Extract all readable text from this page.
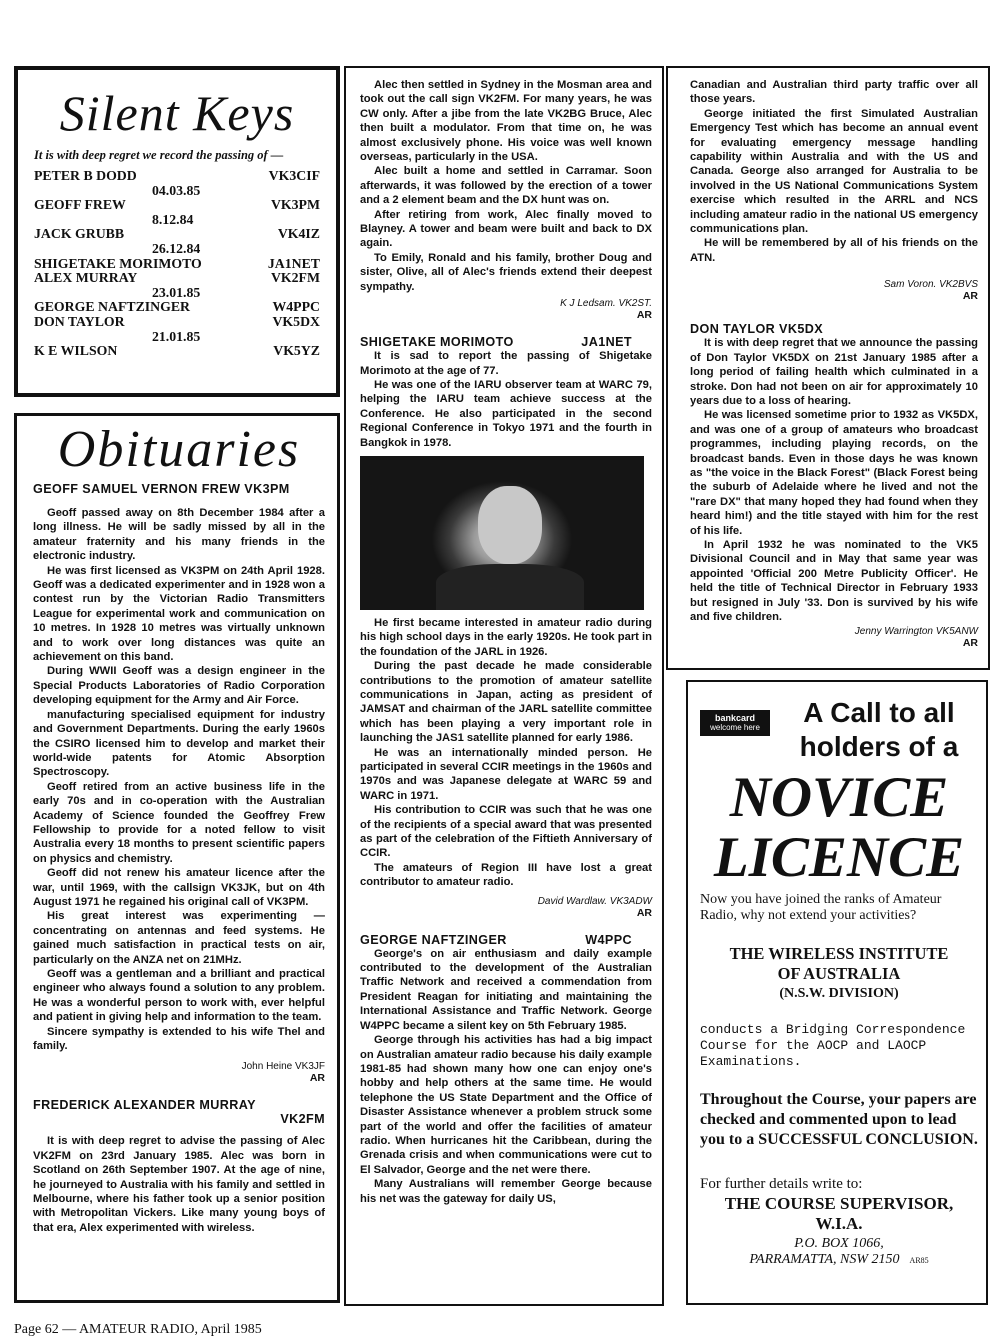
Silent Keys

It is with deep regret we record the passing of —

PETER B DODD	VK3CIF
04.03.85
GEOFF FREW	VK3PM
8.12.84
JACK GRUBB	VK4IZ
26.12.84
SHIGETAKE MORIMOTO	JA1NET
ALEX MURRAY	VK2FM
23.01.85
GEORGE NAFTZINGER	W4PPC
DON TAYLOR	VK5DX
21.01.85
K E WILSON	VK5YZ

Obituaries

GEOFF SAMUEL VERNON FREW VK3PM

Geoff passed away on 8th December 1984 after a long illness. He will be sadly missed by all in the amateur fraternity and his many friends in the electronic industry.

He was first licensed as VK3PM on 24th April 1928. Geoff was a dedicated experimenter and in 1928 won a contest run by the Victorian Radio Transmitters League for experimental work and communication on 10 metres. In 1928 10 metres was virtually unknown and to work over long distances was quite an achievement on this band.

During WWII Geoff was a design engineer in the Special Products Laboratories of Radio Corporation developing equipment for the Army and Air Force.

manufacturing specialised equipment for industry and Government Departments. During the early 1960s the CSIRO licensed him to develop and market their world-wide patents for Atomic Absorption Spectroscopy.

Geoff retired from an active business life in the early 70s and in co-operation with the Australian Academy of Science founded the Geoffrey Frew Fellowship to provide for a noted fellow to visit Australia every 18 months to present scientific papers on physics and chemistry.

Geoff did not renew his amateur licence after the war, until 1969, with the callsign VK3JK, but on 4th August 1971 he regained his original call of VK3PM.

His great interest was experimenting — concentrating on antennas and feed systems. He gained much satisfaction in practical tests on air, particularly on the ANZA net on 21MHz.

Geoff was a gentleman and a brilliant and practical engineer who always found a solution to any problem. He was a wonderful person to work with, ever helpful and patient in giving help and information to the team.

Sincere sympathy is extended to his wife Thel and family.

John Heine VK3JF

AR

FREDERICK ALEXANDER MURRAY

VK2FM

It is with deep regret to advise the passing of Alec VK2FM on 23rd January 1985. Alec was born in Scotland on 26th September 1907. At the age of nine, he journeyed to Australia with his family and settled in Melbourne, where his father took up a senior position with Metropolitan Vickers. Like many young boys of that era, Alex experimented with wireless.

Alec then settled in Sydney in the Mosman area and took out the call sign VK2FM. For many years, he was CW only. After a jibe from the late VK2BG Bruce, Alec then built a modulator. From that time on, he was almost exclusively phone. His voice was well known overseas, particularly in the USA.

Alec built a home and settled in Carramar. Soon afterwards, it was followed by the erection of a tower and a 2 element beam and the DX hunt was on.

After retiring from work, Alec finally moved to Blayney. A tower and beam were built and back to DX again.

To Emily, Ronald and his family, brother Doug and sister, Olive, all of Alec's friends extend their deepest sympathy.

K J Ledsam. VK2ST.

AR

SHIGETAKE MORIMOTO	JA1NET

It is sad to report the passing of Shigetake Morimoto at the age of 77.

He was one of the IARU observer team at WARC 79, helping the IARU team achieve success at the Conference. He also participated in the second Regional Conference in Tokyo 1971 and the fourth in Bangkok in 1978.

He first became interested in amateur radio during his high school days in the early 1920s. He took part in the foundation of the JARL in 1926.

During the past decade he made considerable contributions to the promotion of amateur satellite communications in Japan, acting as president of JAMSAT and chairman of the JARL satellite committee which has been playing a very important role in launching the JAS1 satellite planned for early 1986.

He was an internationally minded person. He participated in several CCIR meetings in the 1960s and 1970s and was Japanese delegate at WARC 59 and WARC in 1971.

His contribution to CCIR was such that he was one of the recipients of a special award that was presented as part of the celebration of the Fiftieth Anniversary of CCIR.

The amateurs of Region III have lost a great contributor to amateur radio.

David Wardlaw. VK3ADW

AR

GEORGE NAFTZINGER	W4PPC

George's on air enthusiasm and daily example contributed to the development of the Australian Traffic Network and received a commendation from President Reagan for initiating and maintaining the International Assistance and Traffic Network. George W4PPC became a silent key on 5th February 1985.

George through his activities has had a big impact on Australian amateur radio because his daily example 1981-85 had shown many how one can enjoy one's hobby and help others at the same time. He would telephone the US State Department and the Office of Disaster Assistance whenever a problem struck some part of the world and offer the facilities of amateur radio. When hurricanes hit the Caribbean, during the Grenada crisis and when communications were cut to El Salvador, George and the net were there.

Many Australians will remember George because his net was the gateway for daily US,

Canadian and Australian third party traffic over all those years.

George initiated the first Simulated Australian Emergency Test which has become an annual event for evaluating emergency message handling capability within Australia and with the US and Canada. George also arranged for Australia to be involved in the US National Communications System exercise which resulted in the ARRL and NCS including amateur radio in the national US emergency communications plan.

He will be remembered by all of his friends on the ATN.

Sam Voron. VK2BVS

AR

DON TAYLOR VK5DX

It is with deep regret that we announce the passing of Don Taylor VK5DX on 21st January 1985 after a long period of failing health which culminated in a stroke. Don had not been on air for approximately 10 years due to a loss of hearing.

He was licensed sometime prior to 1932 as VK5DX, and was one of a group of amateurs who broadcast programmes, including playing records, on the broadcast bands. Even in those days he was known as "the voice in the Black Forest" (Black Forest being the suburb of Adelaide where he lived and not the "rare DX" that many hoped they had found when they heard him!) and the title stayed with him for the rest of his life.

In April 1932 he was nominated to the VK5 Divisional Council and in May that same year was appointed 'Official 200 Metre Publicity Officer'. He held the title of Technical Director in February 1933 but resigned in July '33. Don is survived by his wife and five children.

Jenny Warrington VK5ANW

AR

bankcard
welcome here	A Call to all
holders of a

NOVICE

LICENCE

Now you have joined the ranks of Amateur Radio, why not extend your activities?

THE WIRELESS INSTITUTE

OF AUSTRALIA

(N.S.W. DIVISION)

conducts a Bridging Correspondence Course for the AOCP and LAOCP Examinations.

Throughout the Course, your papers are checked and commented upon to lead you to a SUCCESSFUL CONCLUSION.

For further details write to:

THE COURSE SUPERVISOR,

W.I.A.

P.O. BOX 1066,

PARRAMATTA, NSW 2150 AR85
Page 62 — AMATEUR RADIO, April 1985
